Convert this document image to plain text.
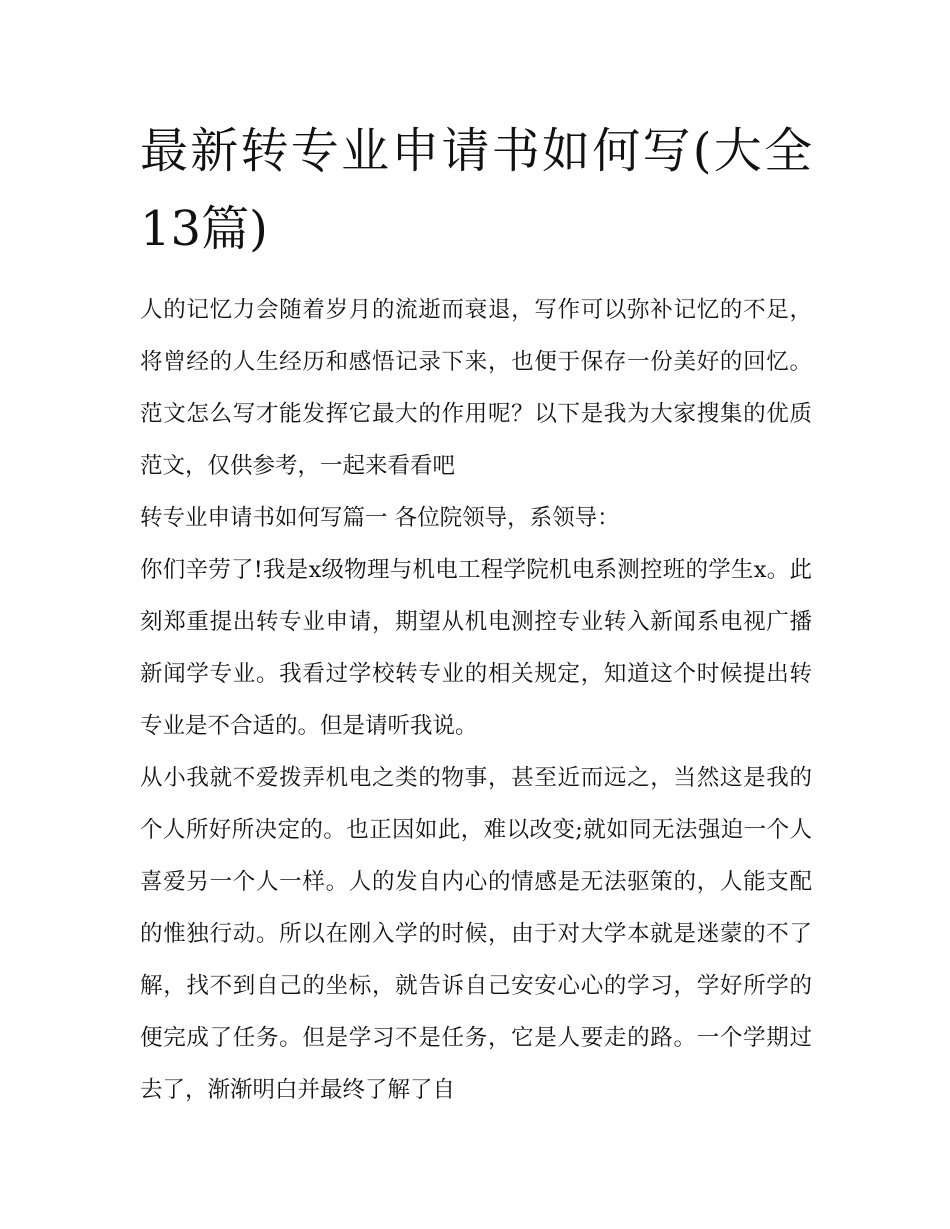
最新转专业申请书如何写(大全13篇)

人的记忆力会随着岁月的流逝而衰退，写作可以弥补记忆的不足，将曾经的人生经历和感悟记录下来，也便于保存一份美好的回忆。范文怎么写才能发挥它最大的作用呢？以下是我为大家搜集的优质范文，仅供参考，一起来看看吧

转专业申请书如何写篇一 各位院领导，系领导：

你们辛劳了!我是x级物理与机电工程学院机电系测控班的学生x。此刻郑重提出转专业申请，期望从机电测控专业转入新闻系电视广播新闻学专业。我看过学校转专业的相关规定，知道这个时候提出转专业是不合适的。但是请听我说。

从小我就不爱拨弄机电之类的物事，甚至近而远之，当然这是我的个人所好所决定的。也正因如此，难以改变;就如同无法强迫一个人喜爱另一个人一样。人的发自内心的情感是无法驱策的，人能支配的惟独行动。所以在刚入学的时候，由于对大学本就是迷蒙的不了解，找不到自己的坐标，就告诉自己安安心心的学习，学好所学的便完成了任务。但是学习不是任务，它是人要走的路。一个学期过去了，渐渐明白并最终了解了自
